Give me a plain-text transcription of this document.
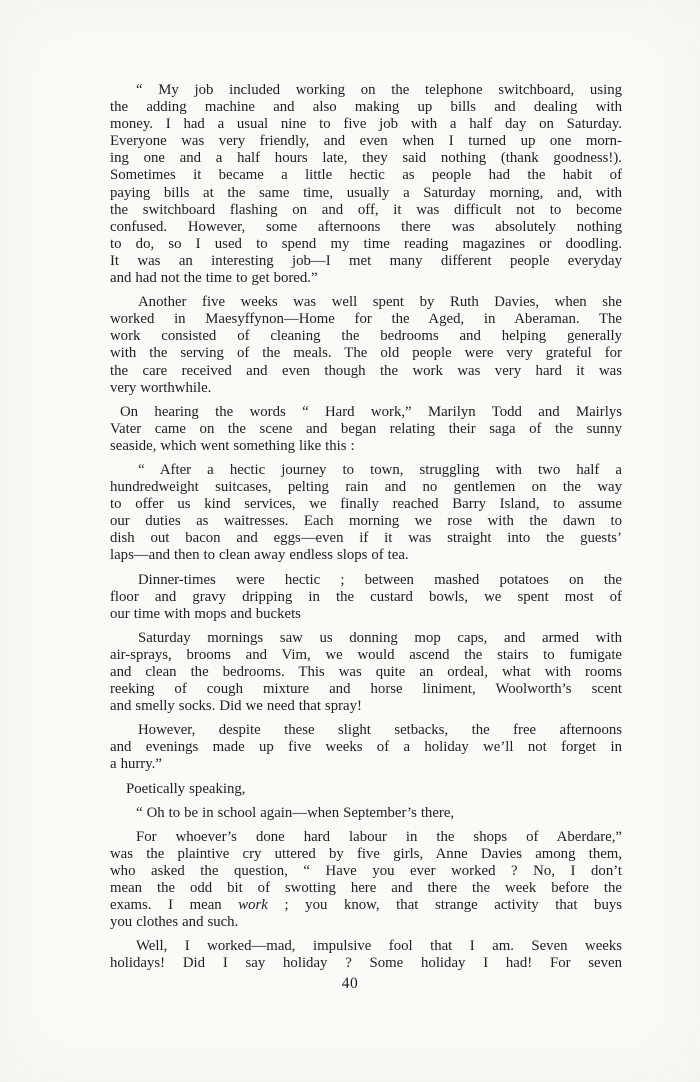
“ My job included working on the telephone switchboard, using
the adding machine and also making up bills and dealing with
money. I had a usual nine to five job with a half day on Saturday.
Everyone was very friendly, and even when I turned up one morn-
ing one and a half hours late, they said nothing (thank goodness!).
Sometimes it became a little hectic as people had the habit of
paying bills at the same time, usually a Saturday morning, and, with
the switchboard flashing on and off, it was difficult not to become
confused. However, some afternoons there was absolutely nothing
to do, so I used to spend my time reading magazines or doodling.
It was an interesting job—I met many different people everyday
and had not the time to get bored.”
Another five weeks was well spent by Ruth Davies, when she
worked in Maesyffynon—Home for the Aged, in Aberaman. The
work consisted of cleaning the bedrooms and helping generally
with the serving of the meals. The old people were very grateful for
the care received and even though the work was very hard it was
very worthwhile.
On hearing the words “ Hard work,” Marilyn Todd and Mairlys
Vater came on the scene and began relating their saga of the sunny
seaside, which went something like this :
“ After a hectic journey to town, struggling with two half a
hundredweight suitcases, pelting rain and no gentlemen on the way
to offer us kind services, we finally reached Barry Island, to assume
our duties as waitresses. Each morning we rose with the dawn to
dish out bacon and eggs—even if it was straight into the guests’
laps—and then to clean away endless slops of tea.
Dinner-times were hectic ; between mashed potatoes on the
floor and gravy dripping in the custard bowls, we spent most of
our time with mops and buckets
Saturday mornings saw us donning mop caps, and armed with
air-sprays, brooms and Vim, we would ascend the stairs to fumigate
and clean the bedrooms. This was quite an ordeal, what with rooms
reeking of cough mixture and horse liniment, Woolworth’s scent
and smelly socks. Did we need that spray!
However, despite these slight setbacks, the free afternoons
and evenings made up five weeks of a holiday we’ll not forget in
a hurry.”
Poetically speaking,
“ Oh to be in school again—when September’s there,
For whoever’s done hard labour in the shops of Aberdare,”
was the plaintive cry uttered by five girls, Anne Davies among them,
who asked the question, “ Have you ever worked ? No, I don’t
mean the odd bit of swotting here and there the week before the
exams. I mean work ; you know, that strange activity that buys
you clothes and such.
Well, I worked—mad, impulsive fool that I am. Seven weeks
holidays! Did I say holiday ? Some holiday I had! For seven
40
